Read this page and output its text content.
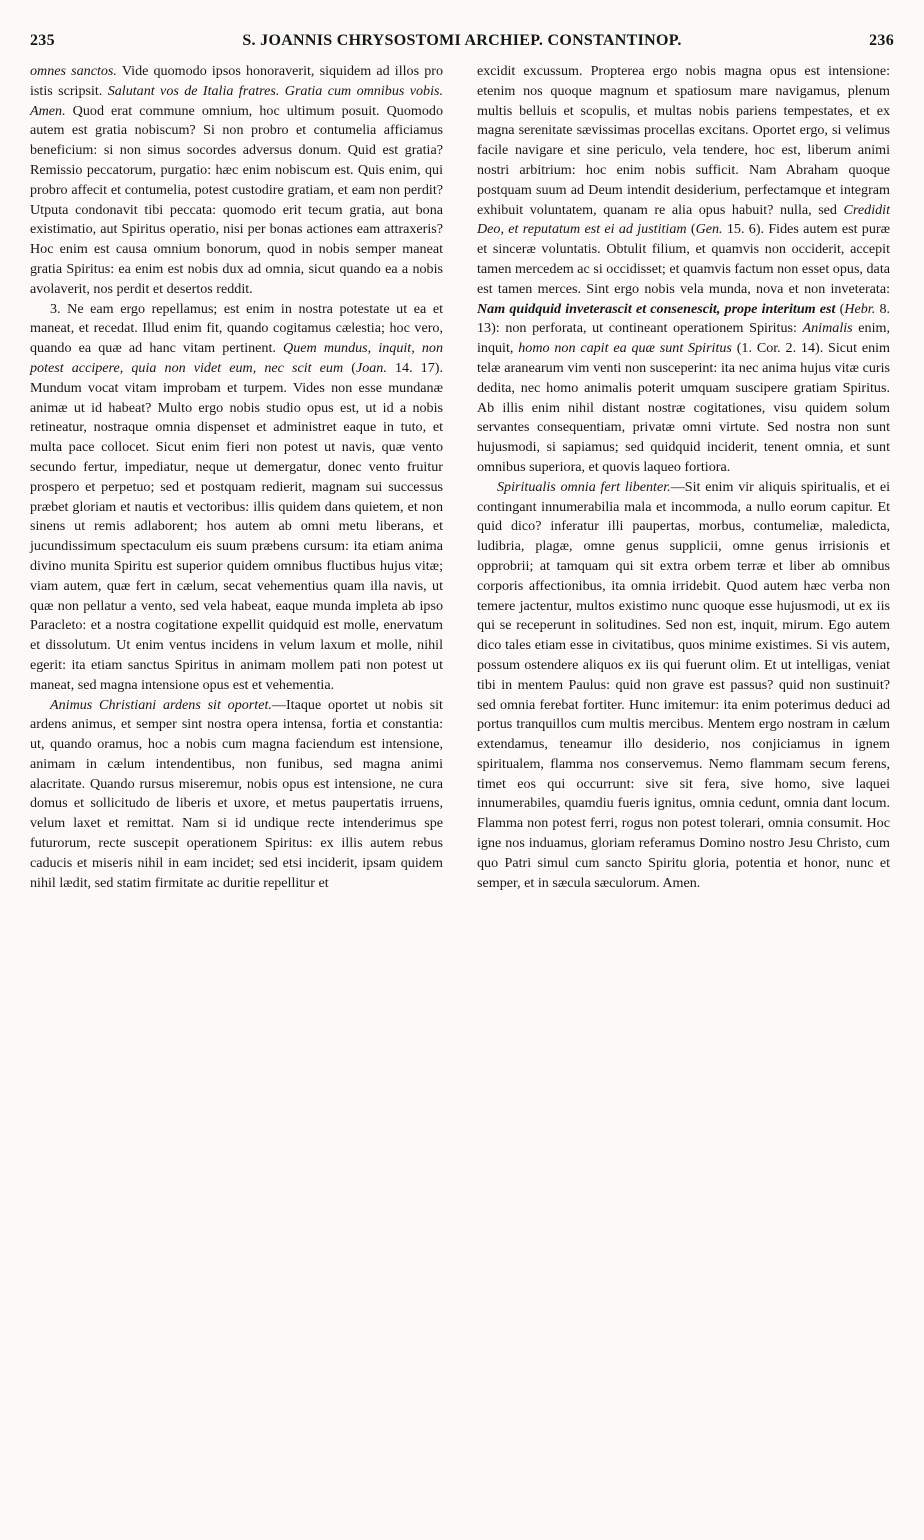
235	S. JOANNIS CHRYSOSTOMI ARCHIEP. CONSTANTINOP.	236

omnes sanctos. Vide quomodo ipsos honoraverit, siquidem ad illos pro istis scripsit. Salutant vos de Italia fratres. Gratia cum omnibus vobis. Amen. Quod erat commune omnium, hoc ultimum posuit. Quomodo autem est gratia nobiscum? Si non probro et contumelia afficiamus beneficium: si non simus socordes adversus donum. Quid est gratia? Remissio peccatorum, purgatio: hæc enim nobiscum est. Quis enim, qui probro affecit et contumelia, potest custodire gratiam, et eam non perdit? Utputa condonavit tibi peccata: quomodo erit tecum gratia, aut bona existimatio, aut Spiritus operatio, nisi per bonas actiones eam attraxeris? Hoc enim est causa omnium bonorum, quod in nobis semper maneat gratia Spiritus: ea enim est nobis dux ad omnia, sicut quando ea a nobis avolaverit, nos perdit et desertos reddit.

3. Ne eam ergo repellamus; est enim in nostra potestate ut ea et maneat, et recedat. Illud enim fit, quando cogitamus cælestia; hoc vero, quando ea quæ ad hanc vitam pertinent. Quem mundus, inquit, non potest accipere, quia non videt eum, nec scit eum (Joan. 14. 17). Mundum vocat vitam improbam et turpem. Vides non esse mundanæ animæ ut id habeat? Multo ergo nobis studio opus est, ut id a nobis retineatur, nostraque omnia dispenset et administret eaque in tuto, et multa pace collocet. Sicut enim fieri non potest ut navis, quæ vento secundo fertur, impediatur, neque ut demergatur, donec vento fruitur prospero et perpetuo; sed et postquam redierit, magnam sui successus præbet gloriam et nautis et vectoribus: illis quidem dans quietem, et non sinens ut remis adlaborent; hos autem ab omni metu liberans, et jucundissimum spectaculum eis suum præbens cursum: ita etiam anima divino munita Spiritu est superior quidem omnibus fluctibus hujus vitæ; viam autem, quæ fert in cælum, secat vehementius quam illa navis, ut quæ non pellatur a vento, sed vela habeat, eaque munda impleta ab ipso Paracleto: et a nostra cogitatione expellit quidquid est molle, enervatum et dissolutum. Ut enim ventus incidens in velum laxum et molle, nihil egerit: ita etiam sanctus Spiritus in animam mollem pati non potest ut maneat, sed magna intensione opus est et vehementia.

Animus Christiani ardens sit oportet.—Itaque oportet ut nobis sit ardens animus, et semper sint nostra opera intensa, fortia et constantia: ut, quando oramus, hoc a nobis cum magna faciendum est intensione, animam in cælum intendentibus, non funibus, sed magna animi alacritate. Quando rursus miseremur, nobis opus est intensione, ne cura domus et sollicitudo de liberis et uxore, et metus paupertatis irruens, velum laxet et remittat. Nam si id undique recte intenderimus spe futurorum, recte suscepit operationem Spiritus: ex illis autem rebus caducis et miseris nihil in eam incidet; sed etsi inciderit, ipsam quidem nihil lædit, sed statim firmitate ac duritie repellitur et

excidit excussum. Propterea ergo nobis magna opus est intensione: etenim nos quoque magnum et spatiosum mare navigamus, plenum multis belluis et scopulis, et multas nobis pariens tempestates, et ex magna serenitate sævissimas procellas excitans. Oportet ergo, si velimus facile navigare et sine periculo, vela tendere, hoc est, liberum animi nostri arbitrium: hoc enim nobis sufficit. Nam Abraham quoque postquam suum ad Deum intendit desiderium, perfectamque et integram exhibuit voluntatem, quanam re alia opus habuit? nulla, sed Credidit Deo, et reputatum est ei ad justitiam (Gen. 15. 6). Fides autem est puræ et sinceræ voluntatis. Obtulit filium, et quamvis non occiderit, accepit tamen mercedem ac si occidisset; et quamvis factum non esset opus, data est tamen merces. Sint ergo nobis vela munda, nova et non inveterata: Nam quidquid inveterascit et consenescit, prope interitum est (Hebr. 8. 13): non perforata, ut contineant operationem Spiritus: Animalis enim, inquit, homo non capit ea quæ sunt Spiritus (1. Cor. 2. 14). Sicut enim telæ aranearum vim venti non susceperint: ita nec anima hujus vitæ curis dedita, nec homo animalis poterit umquam suscipere gratiam Spiritus. Ab illis enim nihil distant nostræ cogitationes, visu quidem solum servantes consequentiam, privatæ omni virtute. Sed nostra non sunt hujusmodi, si sapiamus; sed quidquid inciderit, tenent omnia, et sunt omnibus superiora, et quovis laqueo fortiora.

Spiritualis omnia fert libenter.—Sit enim vir aliquis spiritualis, et ei contingant innumerabilia mala et incommoda, a nullo eorum capitur. Et quid dico? inferatur illi paupertas, morbus, contumeliæ, maledicta, ludibria, plagæ, omne genus supplicii, omne genus irrisionis et opprobrii; at tamquam qui sit extra orbem terræ et liber ab omnibus corporis affectionibus, ita omnia irridebit. Quod autem hæc verba non temere jactentur, multos existimo nunc quoque esse hujusmodi, ut ex iis qui se receperunt in solitudines. Sed non est, inquit, mirum. Ego autem dico tales etiam esse in civitatibus, quos minime existimes. Si vis autem, possum ostendere aliquos ex iis qui fuerunt olim. Et ut intelligas, veniat tibi in mentem Paulus: quid non grave est passus? quid non sustinuit? sed omnia ferebat fortiter. Hunc imitemur: ita enim poterimus deduci ad portus tranquillos cum multis mercibus. Mentem ergo nostram in cælum extendamus, teneamur illo desiderio, nos conjiciamus in ignem spiritualem, flamma nos conservemus. Nemo flammam secum ferens, timet eos qui occurrunt: sive sit fera, sive homo, sive laquei innumerabiles, quamdiu fueris ignitus, omnia cedunt, omnia dant locum. Flamma non potest ferri, rogus non potest tolerari, omnia consumit. Hoc igne nos induamus, gloriam referamus Domino nostro Jesu Christo, cum quo Patri simul cum sancto Spiritu gloria, potentia et honor, nunc et semper, et in sæcula sæculorum. Amen.
